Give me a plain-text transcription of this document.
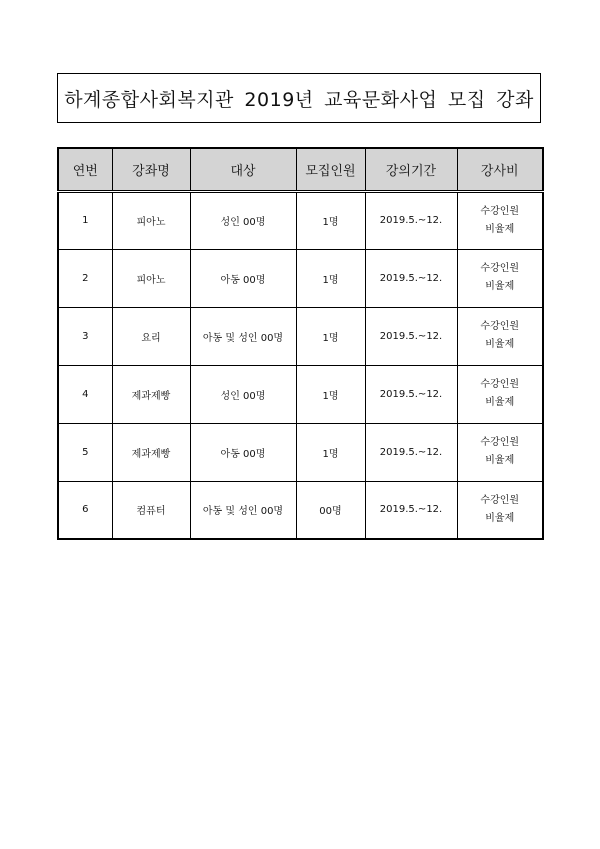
하계종합사회복지관 2019년 교육문화사업 모집 강좌
연번	강좌명	대상	모집인원	강의기간	강사비
1	피아노	성인 00명	1명	2019.5.~12.	수강인원
비율제

2	피아노	아동 00명	1명	2019.5.~12.	수강인원
비율제

3	요리	아동 및 성인 00명	1명	2019.5.~12.	수강인원
비율제

4	제과제빵	성인 00명	1명	2019.5.~12.	수강인원
비율제

5	제과제빵	아동 00명	1명	2019.5.~12.	수강인원
비율제

6	컴퓨터	아동 및 성인 00명	00명	2019.5.~12.	수강인원
비율제
